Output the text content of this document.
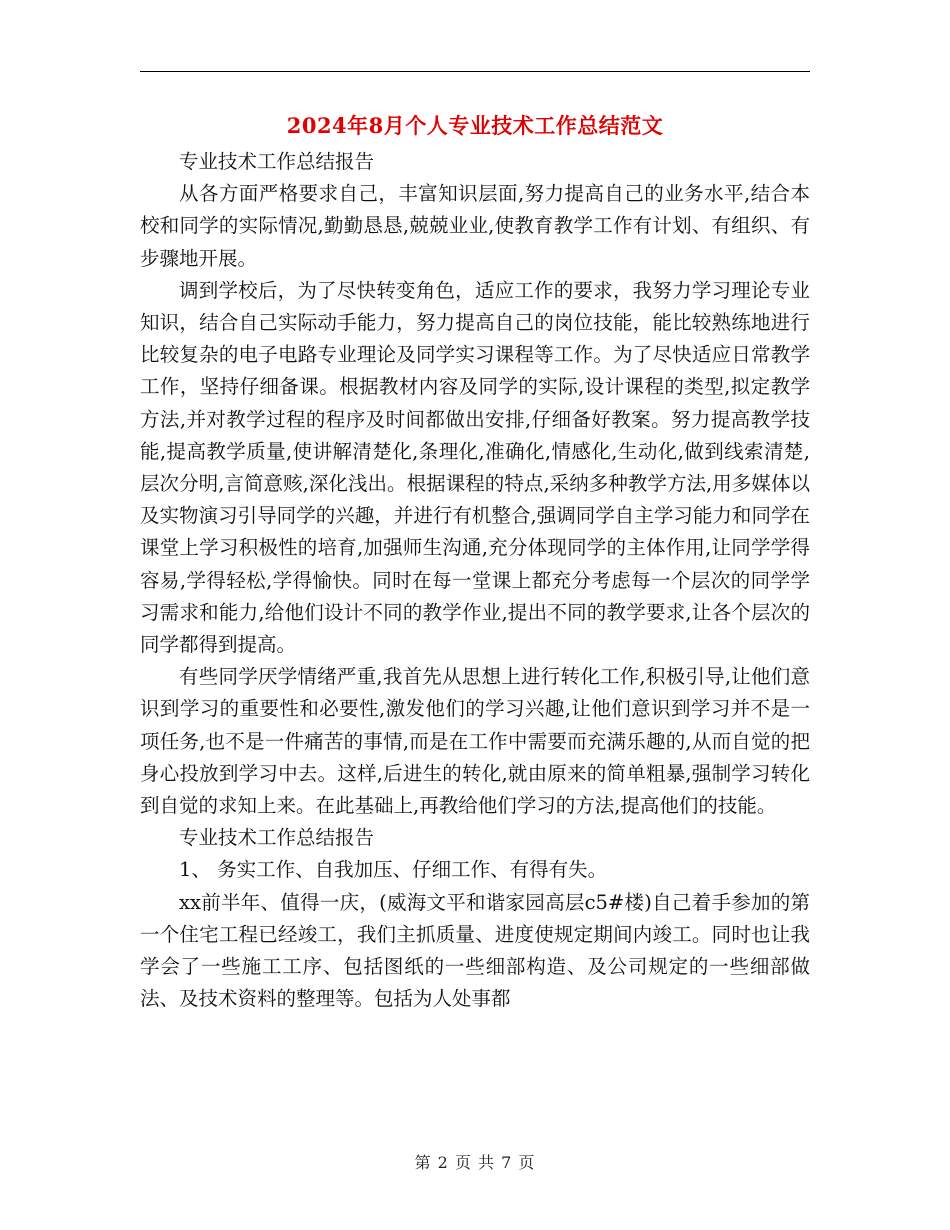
2024年8月个人专业技术工作总结范文

专业技术工作总结报告

从各方面严格要求自己，丰富知识层面,努力提高自己的业务水平,结合本校和同学的实际情况,勤勤恳恳,兢兢业业,使教育教学工作有计划、有组织、有步骤地开展。

调到学校后，为了尽快转变角色，适应工作的要求，我努力学习理论专业知识，结合自己实际动手能力，努力提高自己的岗位技能，能比较熟练地进行比较复杂的电子电路专业理论及同学实习课程等工作。为了尽快适应日常教学工作，坚持仔细备课。根据教材内容及同学的实际,设计课程的类型,拟定教学方法,并对教学过程的程序及时间都做出安排,仔细备好教案。努力提高教学技能,提高教学质量,使讲解清楚化,条理化,准确化,情感化,生动化,做到线索清楚,层次分明,言简意赅,深化浅出。根据课程的特点,采纳多种教学方法,用多媒体以及实物演习引导同学的兴趣，并进行有机整合,强调同学自主学习能力和同学在课堂上学习积极性的培育,加强师生沟通,充分体现同学的主体作用,让同学学得容易,学得轻松,学得愉快。同时在每一堂课上都充分考虑每一个层次的同学学习需求和能力,给他们设计不同的教学作业,提出不同的教学要求,让各个层次的同学都得到提高。

有些同学厌学情绪严重,我首先从思想上进行转化工作,积极引导,让他们意识到学习的重要性和必要性,激发他们的学习兴趣,让他们意识到学习并不是一项任务,也不是一件痛苦的事情,而是在工作中需要而充满乐趣的,从而自觉的把身心投放到学习中去。这样,后进生的转化,就由原来的简单粗暴,强制学习转化到自觉的求知上来。在此基础上,再教给他们学习的方法,提高他们的技能。

专业技术工作总结报告

1、 务实工作、自我加压、仔细工作、有得有失。

xx前半年、值得一庆，(威海文平和谐家园高层c5#楼)自己着手参加的第一个住宅工程已经竣工，我们主抓质量、进度使规定期间内竣工。同时也让我学会了一些施工工序、包括图纸的一些细部构造、及公司规定的一些细部做法、及技术资料的整理等。包括为人处事都

第 2 页 共 7 页
